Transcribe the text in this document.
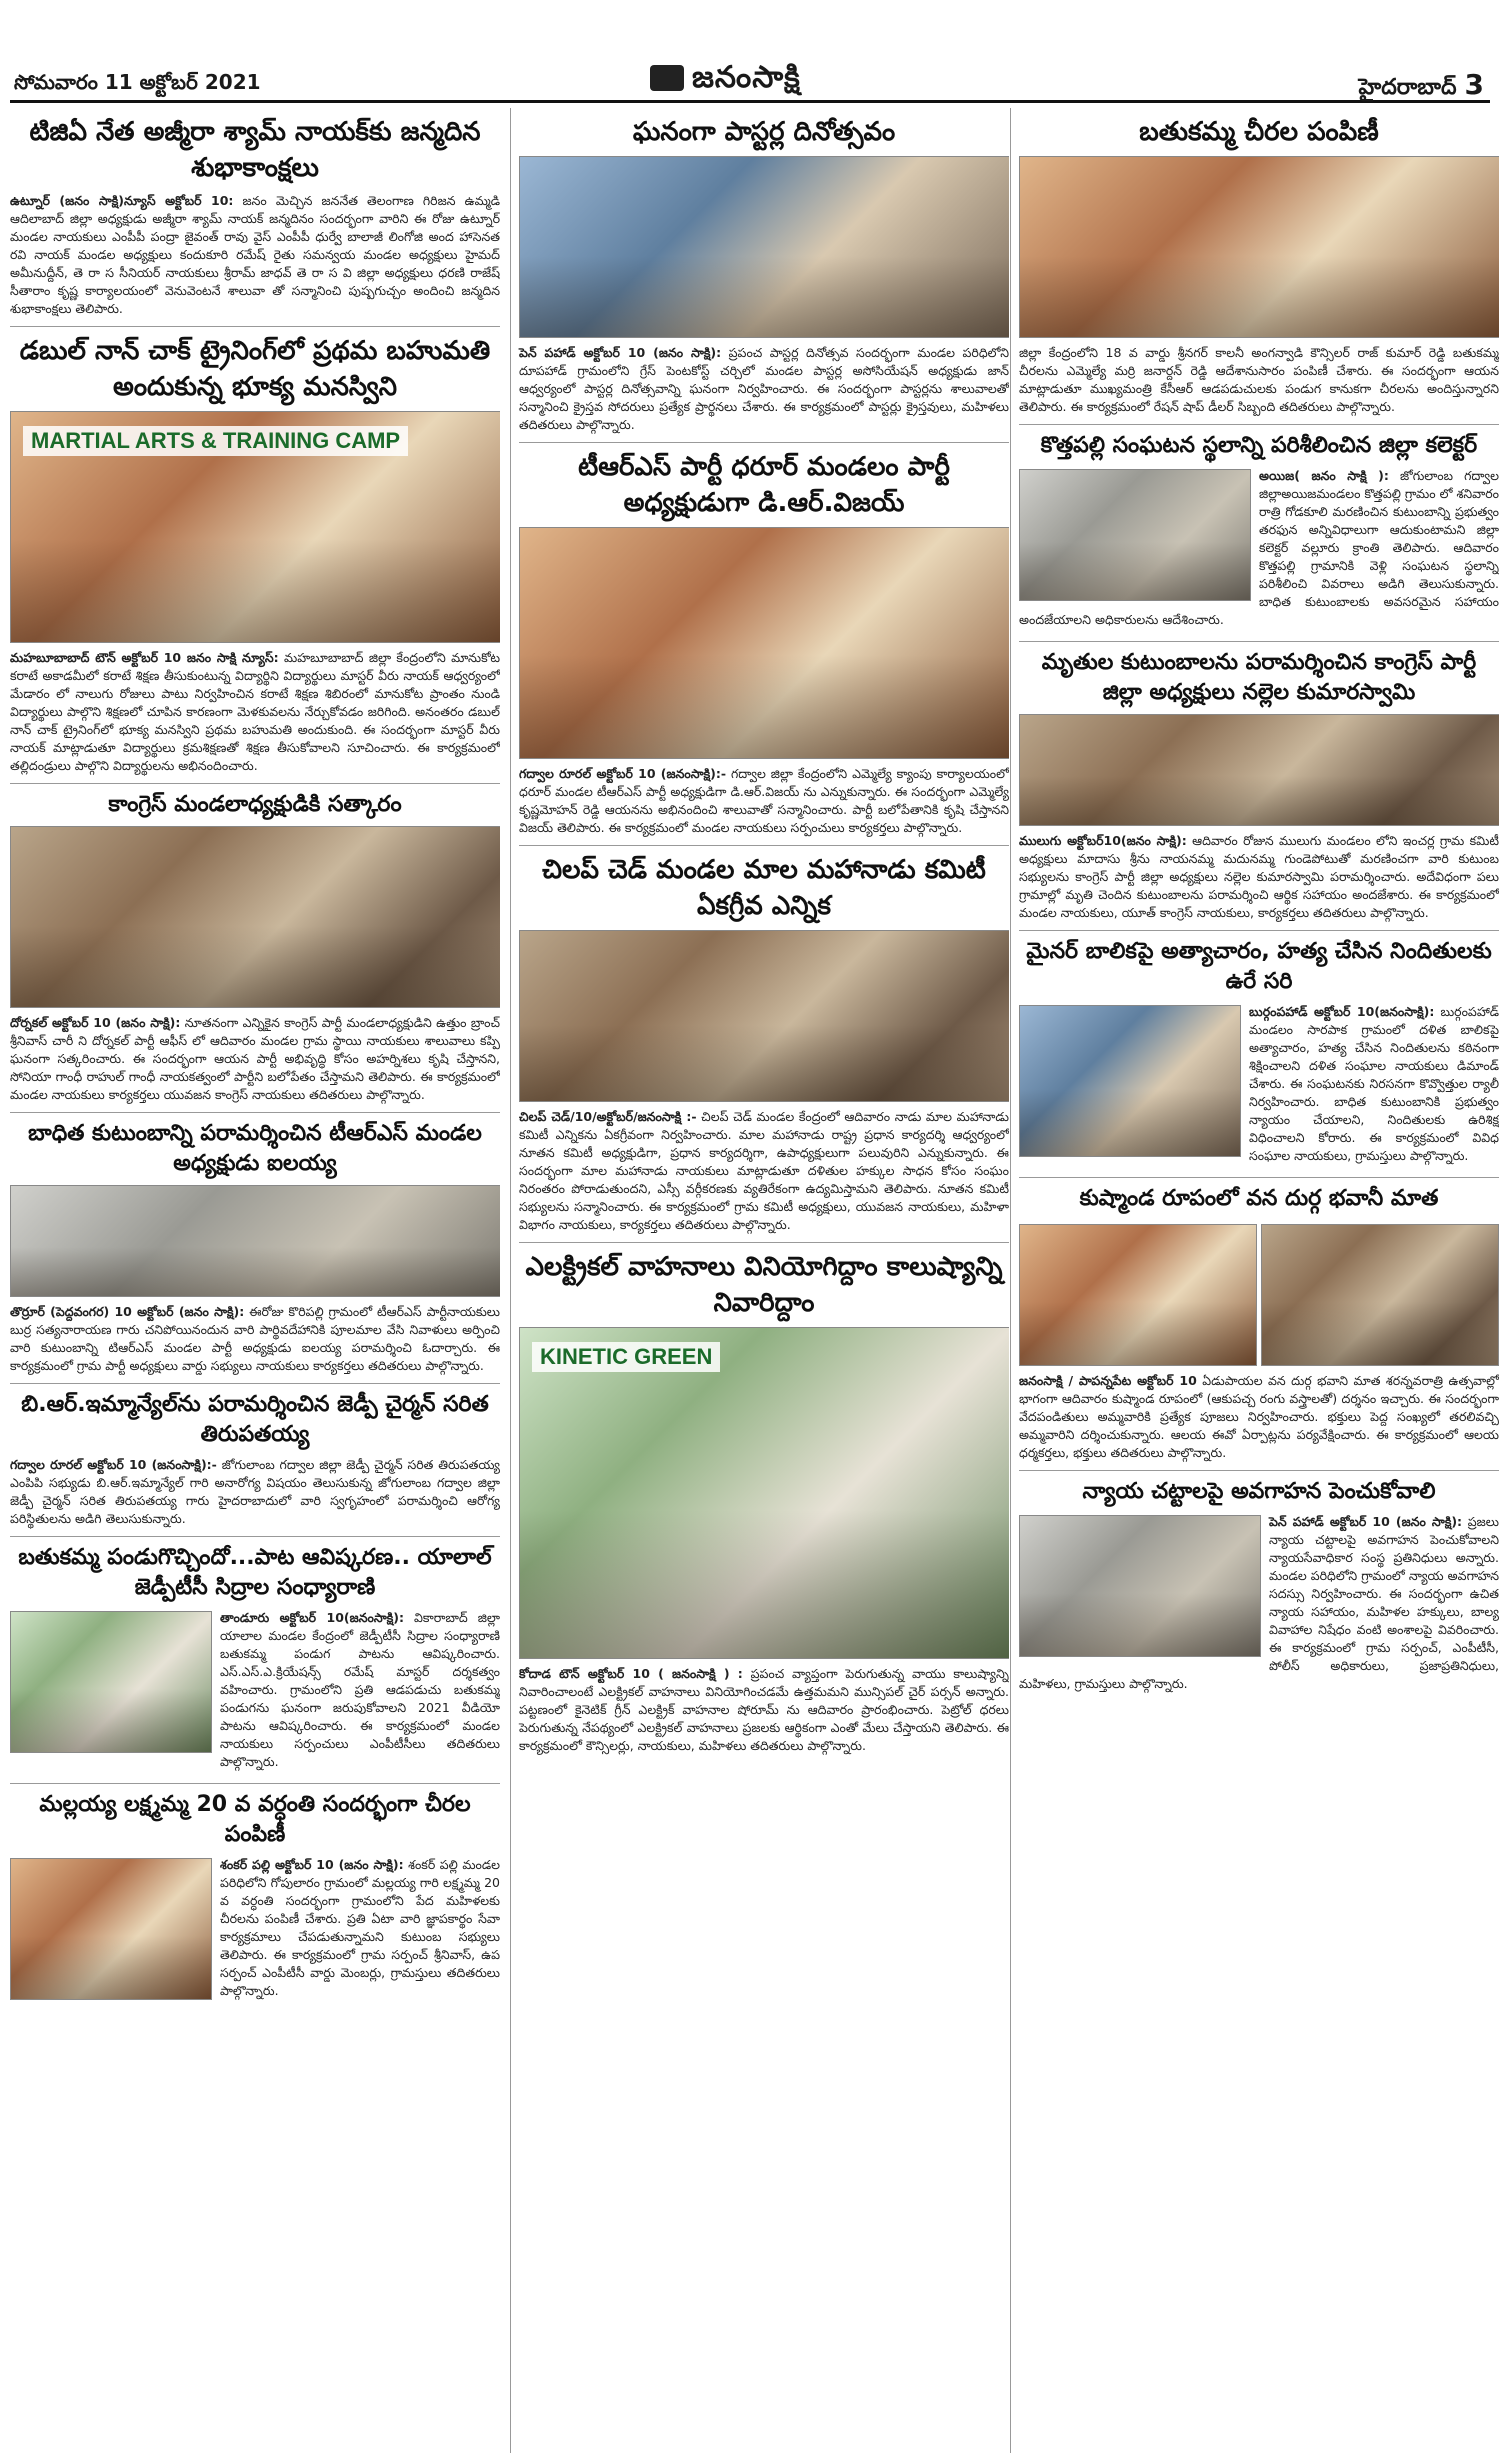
సోమవారం 11 అక్టోబర్ 2021	జనంసాక్షి	హైదరాబాద్ 3
టిజిఏ నేత అజ్మీరా శ్యామ్ నాయక్‌కు జన్మదిన శుభాకాంక్షలు

ఉట్నూర్ (జనం సాక్షి)న్యూస్ అక్టోబర్ 10: జనం మెచ్చిన జననేత తెలంగాణ గిరిజన ఉమ్మడి ఆదిలాబాద్ జిల్లా అధ్యక్షుడు అజ్మీరా శ్యామ్ నాయక్ జన్మదినం సందర్భంగా వారిని ఈ రోజు ఉట్నూర్ మండల నాయకులు ఎంపీపీ పంద్రా జైవంత్ రావు వైస్ ఎంపీపీ ధుర్వే బాలాజీ లింగోజి అంద హాసెనత రవి నాయక్ మండల అధ్యక్షులు కందుకూరి రమేష్ రైతు సమన్వయ మండల అధ్యక్షులు హైమద్ అమీనుద్దీన్, తె రా స సీనియర్ నాయకులు శ్రీరామ్ జాధవ్ తె రా స వి జిల్లా అధ్యక్షులు ధరణి రాజేష్ సీతారాం కృష్ణ కార్యాలయంలో వెనువెంటనే శాలువా తో సన్మానించి పుష్పగుచ్చం అందించి జన్మదిన శుభాకాంక్షలు తెలిపారు.

డబుల్ నాన్ చాక్ ట్రైనింగ్‌లో ప్రథమ బహుమతి అందుకున్న భూక్య మనస్విని
MARTIAL ARTS & TRAINING CAMP

మహబూబాబాద్ టౌన్ అక్టోబర్ 10 జనం సాక్షి న్యూస్: మహబూబాబాద్ జిల్లా కేంద్రంలోని మానుకోట కరాటే అకాడమీలో కరాటే శిక్షణ తీసుకుంటున్న విద్యార్థిని విద్యార్థులు మాస్టర్ వీరు నాయక్ ఆధ్వర్యంలో మేడారం లో నాలుగు రోజులు పాటు నిర్వహించిన కరాటే శిక్షణ శిబిరంలో మానుకోట ప్రాంతం నుండి విద్యార్థులు పాల్గొని శిక్షణలో చూపిన కారణంగా మెళకువలను నేర్చుకోవడం జరిగింది. అనంతరం డబుల్ నాన్ చాక్ ట్రైనింగ్‌లో భూక్య మనస్విని ప్రథమ బహుమతి అందుకుంది. ఈ సందర్భంగా మాస్టర్ వీరు నాయక్ మాట్లాడుతూ విద్యార్థులు క్రమశిక్షణతో శిక్షణ తీసుకోవాలని సూచించారు. ఈ కార్యక్రమంలో తల్లిదండ్రులు పాల్గొని విద్యార్థులను అభినందించారు.

కాంగ్రెస్ మండలాధ్యక్షుడికి సత్కారం

దోర్నకల్ అక్టోబర్ 10 (జనం సాక్షి): నూతనంగా ఎన్నికైన కాంగ్రెస్ పార్టీ మండలాధ్యక్షుడిని ఉత్తుం బ్రాంచ్ శ్రీనివాస్ చారీ ని దోర్నకల్ పార్టీ ఆఫీస్ లో ఆదివారం మండల గ్రామ స్థాయి నాయకులు శాలువాలు కప్పి ఘనంగా సత్కరించారు. ఈ సందర్భంగా ఆయన పార్టీ అభివృద్ధి కోసం అహర్నిశలు కృషి చేస్తానని, సోనియా గాంధీ రాహుల్ గాంధీ నాయకత్వంలో పార్టీని బలోపేతం చేస్తామని తెలిపారు. ఈ కార్యక్రమంలో మండల నాయకులు కార్యకర్తలు యువజన కాంగ్రెస్ నాయకులు తదితరులు పాల్గొన్నారు.

బాధిత కుటుంబాన్ని పరామర్శించిన టీఆర్ఎస్ మండల అధ్యక్షుడు ఐలయ్య

తొర్రూర్ (పెద్దవంగర) 10 అక్టోబర్ (జనం సాక్షి): ఈరోజు కొరిపల్లి గ్రామంలో టీఆర్ఎస్ పార్టీనాయకులు బుర్ర సత్యనారాయణ గారు చనిపోయినందున వారి పార్థివదేహానికి పూలమాల వేసి నివాళులు అర్పించి వారి కుటుంబాన్ని టిఆర్ఎస్ మండల పార్టీ అధ్యక్షుడు ఐలయ్య పరామర్శించి ఓదార్చారు. ఈ కార్యక్రమంలో గ్రామ పార్టీ అధ్యక్షులు వార్డు సభ్యులు నాయకులు కార్యకర్తలు తదితరులు పాల్గొన్నారు.

బి.ఆర్.ఇమ్మాన్యేల్‌ను పరామర్శించిన జెడ్పీ చైర్మన్ సరిత తిరుపతయ్య

గద్వాల రూరల్ అక్టోబర్ 10 (జనంసాక్షి):- జోగులాంబ గద్వాల జిల్లా జెడ్పీ చైర్మన్ సరిత తిరుపతయ్య ఎంపిపి సభ్యుడు బి.ఆర్.ఇమ్మాన్యేల్ గారి అనారోగ్య విషయం తెలుసుకున్న జోగులాంబ గద్వాల జిల్లా జెడ్పీ చైర్మన్ సరిత తిరుపతయ్య గారు హైదరాబాదులో వారి స్వగృహంలో పరామర్శించి ఆరోగ్య పరిస్థితులను అడిగి తెలుసుకున్నారు.

బతుకమ్మ పండుగొచ్చిందో...పాట ఆవిష్కరణ.. యాలాల్ జెడ్పీటీసీ సిద్రాల సంధ్యారాణి

తాండూరు అక్టోబర్ 10(జనంసాక్షి): వికారాబాద్ జిల్లా యాలాల మండల కేంద్రంలో జెడ్పీటీసీ సిద్రాల సంధ్యారాణి బతుకమ్మ పండుగ పాటను ఆవిష్కరించారు. ఎస్.ఎస్.ఎ.క్రియేషన్స్ రమేష్ మాస్టర్ దర్శకత్వం వహించారు. గ్రామంలోని ప్రతి ఆడపడుచు బతుకమ్మ పండుగను ఘనంగా జరుపుకోవాలని 2021 వీడియో పాటను ఆవిష్కరించారు. ఈ కార్యక్రమంలో మండల నాయకులు సర్పంచులు ఎంపీటీసీలు తదితరులు పాల్గొన్నారు.

మల్లయ్య లక్ష్మమ్మ 20 వ వర్ధంతి సందర్భంగా చీరల పంపిణీ

శంకర్ పల్లి అక్టోబర్ 10 (జనం సాక్షి): శంకర్ పల్లి మండల పరిధిలోని గోపులారం గ్రామంలో మల్లయ్య గారి లక్ష్మమ్మ 20 వ వర్ధంతి సందర్భంగా గ్రామంలోని పేద మహిళలకు చీరలను పంపిణీ చేశారు. ప్రతి ఏటా వారి జ్ఞాపకార్థం సేవా కార్యక్రమాలు చేపడుతున్నామని కుటుంబ సభ్యులు తెలిపారు. ఈ కార్యక్రమంలో గ్రామ సర్పంచ్ శ్రీనివాస్, ఉప సర్పంచ్ ఎంపీటీసీ వార్డు మెంబర్లు, గ్రామస్తులు తదితరులు పాల్గొన్నారు.

ఘనంగా పాస్టర్ల దినోత్సవం

పెన్ పహాడ్ అక్టోబర్ 10 (జనం సాక్షి): ప్రపంచ పాస్టర్ల దినోత్సవ సందర్భంగా మండల పరిధిలోని దూపహాడ్ గ్రామంలోని గ్రేస్ పెంటకోస్ట్ చర్చిలో మండల పాస్టర్ల అసోసియేషన్ అధ్యక్షుడు జాన్ ఆధ్వర్యంలో పాస్టర్ల దినోత్సవాన్ని ఘనంగా నిర్వహించారు. ఈ సందర్భంగా పాస్టర్లను శాలువాలతో సన్మానించి క్రైస్తవ సోదరులు ప్రత్యేక ప్రార్థనలు చేశారు. ఈ కార్యక్రమంలో పాస్టర్లు క్రైస్తవులు, మహిళలు తదితరులు పాల్గొన్నారు.

టీఆర్ఎస్ పార్టీ ధరూర్ మండలం పార్టీ అధ్యక్షుడుగా డి.ఆర్.విజయ్

గద్వాల రూరల్ అక్టోబర్ 10 (జనంసాక్షి):- గద్వాల జిల్లా కేంద్రంలోని ఎమ్మెల్యే క్యాంపు కార్యాలయంలో ధరూర్ మండల టీఆర్ఎస్ పార్టీ అధ్యక్షుడిగా డి.ఆర్.విజయ్ ను ఎన్నుకున్నారు. ఈ సందర్భంగా ఎమ్మెల్యే కృష్ణమోహన్ రెడ్డి ఆయనను అభినందించి శాలువాతో సన్మానించారు. పార్టీ బలోపేతానికి కృషి చేస్తానని విజయ్ తెలిపారు. ఈ కార్యక్రమంలో మండల నాయకులు సర్పంచులు కార్యకర్తలు పాల్గొన్నారు.

చిలప్ చెడ్ మండల మాల మహానాడు కమిటీ ఏకగ్రీవ ఎన్నిక

చిలప్ చెడ్/10/అక్టోబర్/జనంసాక్షి :- చిలప్ చెడ్ మండల కేంద్రంలో ఆదివారం నాడు మాల మహానాడు కమిటీ ఎన్నికను ఏకగ్రీవంగా నిర్వహించారు. మాల మహానాడు రాష్ట్ర ప్రధాన కార్యదర్శి ఆధ్వర్యంలో నూతన కమిటీ అధ్యక్షుడిగా, ప్రధాన కార్యదర్శిగా, ఉపాధ్యక్షులుగా పలువురిని ఎన్నుకున్నారు. ఈ సందర్భంగా మాల మహానాడు నాయకులు మాట్లాడుతూ దళితుల హక్కుల సాధన కోసం సంఘం నిరంతరం పోరాడుతుందని, ఎస్సీ వర్గీకరణకు వ్యతిరేకంగా ఉద్యమిస్తామని తెలిపారు. నూతన కమిటీ సభ్యులను సన్మానించారు. ఈ కార్యక్రమంలో గ్రామ కమిటీ అధ్యక్షులు, యువజన నాయకులు, మహిళా విభాగం నాయకులు, కార్యకర్తలు తదితరులు పాల్గొన్నారు.

ఎలక్ట్రికల్ వాహనాలు వినియోగిద్దాం కాలుష్యాన్ని నివారిద్దాం
KINETIC GREEN

కోదాడ టౌన్ అక్టోబర్ 10 ( జనంసాక్షి ) : ప్రపంచ వ్యాప్తంగా పెరుగుతున్న వాయు కాలుష్యాన్ని నివారించాలంటే ఎలక్ట్రికల్ వాహనాలు వినియోగించడమే ఉత్తమమని మున్సిపల్ చైర్ పర్సన్ అన్నారు. పట్టణంలో కైనెటిక్ గ్రీన్ ఎలక్ట్రిక్ వాహనాల షోరూమ్ ను ఆదివారం ప్రారంభించారు. పెట్రోల్ ధరలు పెరుగుతున్న నేపథ్యంలో ఎలక్ట్రికల్ వాహనాలు ప్రజలకు ఆర్థికంగా ఎంతో మేలు చేస్తాయని తెలిపారు. ఈ కార్యక్రమంలో కౌన్సిలర్లు, నాయకులు, మహిళలు తదితరులు పాల్గొన్నారు.

బతుకమ్మ చీరల పంపిణీ

జిల్లా కేంద్రంలోని 18 వ వార్డు శ్రీనగర్ కాలనీ అంగన్వాడి కౌన్సిలర్ రాజ్ కుమార్ రెడ్డి బతుకమ్మ చీరలను ఎమ్మెల్యే మర్రి జనార్దన్ రెడ్డి ఆదేశానుసారం పంపిణీ చేశారు. ఈ సందర్భంగా ఆయన మాట్లాడుతూ ముఖ్యమంత్రి కేసీఆర్ ఆడపడుచులకు పండుగ కానుకగా చీరలను అందిస్తున్నారని తెలిపారు. ఈ కార్యక్రమంలో రేషన్ షాప్ డీలర్ సిబ్బంది తదితరులు పాల్గొన్నారు.

కొత్తపల్లి సంఘటన స్థలాన్ని పరిశీలించిన జిల్లా కలెక్టర్

అయిజ( జనం సాక్షి ): జోగులాంబ గద్వాల జిల్లాఅయిజమండలం కొత్తపల్లి గ్రామం లో శనివారం రాత్రి గోడకూలి మరణించిన కుటుంబాన్ని ప్రభుత్వం తరఫున అన్నివిధాలుగా ఆదుకుంటామని జిల్లా కలెక్టర్ వల్లూరు క్రాంతి తెలిపారు. ఆదివారం కొత్తపల్లి గ్రామానికి వెళ్లి సంఘటన స్థలాన్ని పరిశీలించి వివరాలు అడిగి తెలుసుకున్నారు. బాధిత కుటుంబాలకు అవసరమైన సహాయం అందజేయాలని అధికారులను ఆదేశించారు.

మృతుల కుటుంబాలను పరామర్శించిన కాంగ్రెస్ పార్టీ జిల్లా అధ్యక్షులు నల్లెల కుమారస్వామి

ములుగు అక్టోబర్10(జనం సాక్షి): ఆదివారం రోజున ములుగు మండలం లోని ఇంచర్ల గ్రామ కమిటీ అధ్యక్షులు మాదాసు శ్రీను నాయనమ్మ మదునమ్మ గుండెపోటుతో మరణించగా వారి కుటుంబ సభ్యులను కాంగ్రెస్ పార్టీ జిల్లా అధ్యక్షులు నల్లెల కుమారస్వామి పరామర్శించారు. అదేవిధంగా పలు గ్రామాల్లో మృతి చెందిన కుటుంబాలను పరామర్శించి ఆర్థిక సహాయం అందజేశారు. ఈ కార్యక్రమంలో మండల నాయకులు, యూత్ కాంగ్రెస్ నాయకులు, కార్యకర్తలు తదితరులు పాల్గొన్నారు.

మైనర్ బాలికపై అత్యాచారం, హత్య చేసిన నిందితులకు ఉరే సరి

బుర్గంపహాడ్ అక్టోబర్ 10(జనంసాక్షి): బుర్గంపహాడ్ మండలం సారపాక గ్రామంలో దళిత బాలికపై అత్యాచారం, హత్య చేసిన నిందితులను కఠినంగా శిక్షించాలని దళిత సంఘాల నాయకులు డిమాండ్ చేశారు. ఈ సంఘటనకు నిరసనగా కొవ్వొత్తుల ర్యాలీ నిర్వహించారు. బాధిత కుటుంబానికి ప్రభుత్వం న్యాయం చేయాలని, నిందితులకు ఉరిశిక్ష విధించాలని కోరారు. ఈ కార్యక్రమంలో వివిధ సంఘాల నాయకులు, గ్రామస్తులు పాల్గొన్నారు.

కుష్మాండ రూపంలో వన దుర్గ భవానీ మాత

జనంసాక్షి / పాపన్నపేట అక్టోబర్ 10 ఏడుపాయల వన దుర్గ భవాని మాత శరన్నవరాత్రి ఉత్సవాల్లో భాగంగా ఆదివారం కుష్మాండ రూపంలో (ఆకుపచ్చ రంగు వస్త్రాలతో) దర్శనం ఇచ్చారు. ఈ సందర్భంగా వేదపండితులు అమ్మవారికి ప్రత్యేక పూజలు నిర్వహించారు. భక్తులు పెద్ద సంఖ్యలో తరలివచ్చి అమ్మవారిని దర్శించుకున్నారు. ఆలయ ఈవో ఏర్పాట్లను పర్యవేక్షించారు. ఈ కార్యక్రమంలో ఆలయ ధర్మకర్తలు, భక్తులు తదితరులు పాల్గొన్నారు.

న్యాయ చట్టాలపై అవగాహన పెంచుకోవాలి

పెన్ పహాడ్ అక్టోబర్ 10 (జనం సాక్షి): ప్రజలు న్యాయ చట్టాలపై అవగాహన పెంచుకోవాలని న్యాయసేవాధికార సంస్థ ప్రతినిధులు అన్నారు. మండల పరిధిలోని గ్రామంలో న్యాయ అవగాహన సదస్సు నిర్వహించారు. ఈ సందర్భంగా ఉచిత న్యాయ సహాయం, మహిళల హక్కులు, బాల్య వివాహాల నిషేధం వంటి అంశాలపై వివరించారు. ఈ కార్యక్రమంలో గ్రామ సర్పంచ్, ఎంపీటీసీ, పోలీస్ అధికారులు, ప్రజాప్రతినిధులు, మహిళలు, గ్రామస్తులు పాల్గొన్నారు.
